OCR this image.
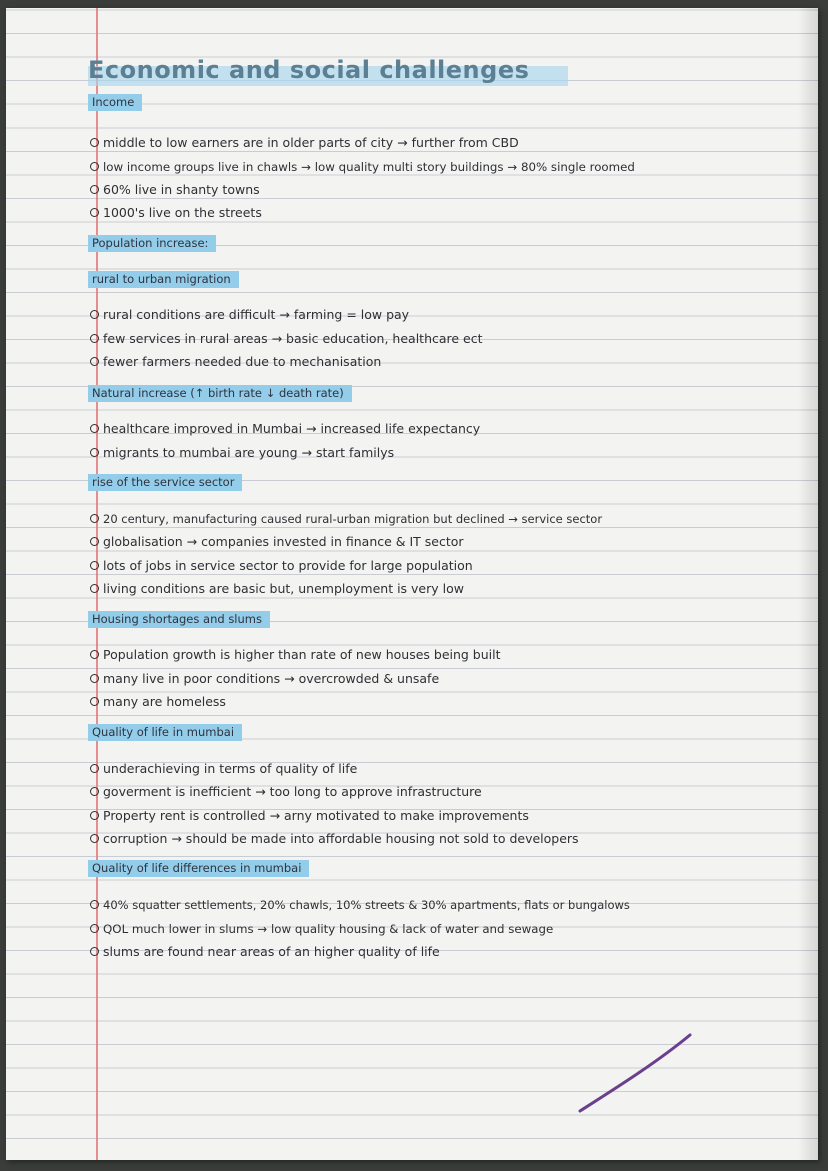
Economic and social challenges
Income
middle to low earners are in older parts of city → further from CBD
low income groups live in chawls → low quality multi story buildings → 80% single roomed
60% live in shanty towns
1000's live on the streets
Population increase:
rural to urban migration
rural conditions are difficult → farming = low pay
few services in rural areas → basic education, healthcare ect
fewer farmers needed due to mechanisation
Natural increase (↑ birth rate ↓ death rate)
healthcare improved in Mumbai → increased life expectancy
migrants to mumbai are young → start familys
rise of the service sector
20 century, manufacturing caused rural-urban migration but declined → service sector
globalisation → companies invested in finance & IT sector
lots of jobs in service sector to provide for large population
living conditions are basic but, unemployment is very low
Housing shortages and slums
Population growth is higher than rate of new houses being built
many live in poor conditions → overcrowded & unsafe
many are homeless
Quality of life in mumbai
underachieving in terms of quality of life
goverment is inefficient → too long to approve infrastructure
Property rent is controlled → arny motivated to make improvements
corruption → should be made into affordable housing not sold to developers
Quality of life differences in mumbai
40% squatter settlements, 20% chawls, 10% streets & 30% apartments, flats or bungalows
QOL much lower in slums → low quality housing & lack of water and sewage
slums are found near areas of an higher quality of life
